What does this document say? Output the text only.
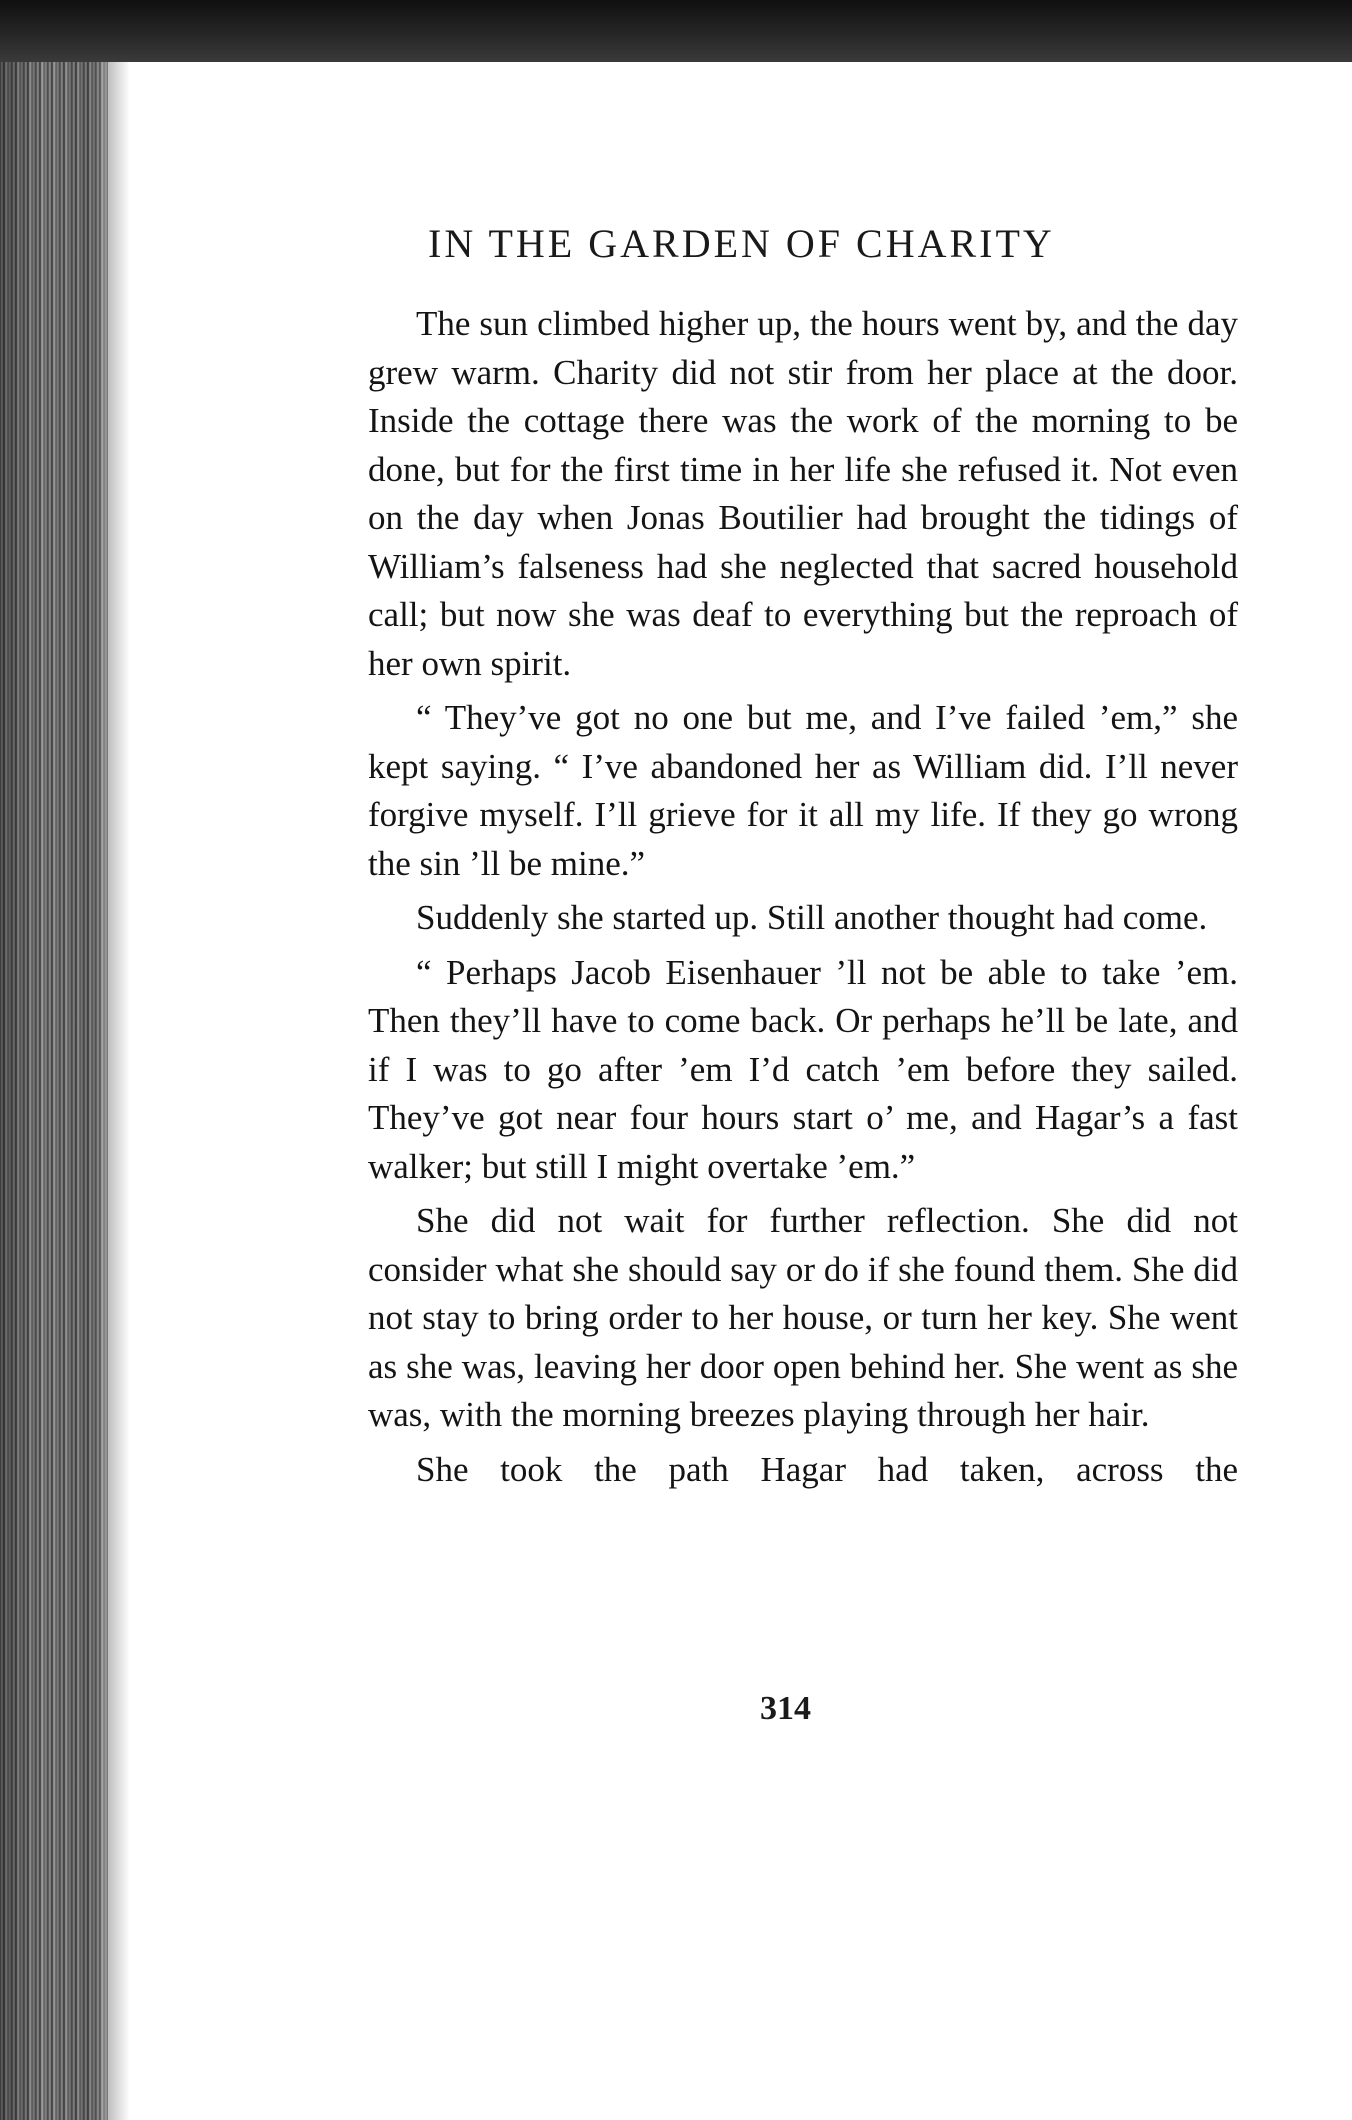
IN THE GARDEN OF CHARITY

The sun climbed higher up, the hours went by, and the day grew warm. Charity did not stir from her place at the door. Inside the cottage there was the work of the morning to be done, but for the first time in her life she refused it. Not even on the day when Jonas Boutilier had brought the tidings of William’s falseness had she neglected that sacred household call; but now she was deaf to everything but the reproach of her own spirit.

“ They’ve got no one but me, and I’ve failed ’em,” she kept saying. “ I’ve abandoned her as William did. I’ll never forgive myself. I’ll grieve for it all my life. If they go wrong the sin ’ll be mine.”

Suddenly she started up. Still another thought had come.

“ Perhaps Jacob Eisenhauer ’ll not be able to take ’em. Then they’ll have to come back. Or perhaps he’ll be late, and if I was to go after ’em I’d catch ’em before they sailed. They’ve got near four hours start o’ me, and Hagar’s a fast walker; but still I might overtake ’em.”

She did not wait for further reflection. She did not consider what she should say or do if she found them. She did not stay to bring order to her house, or turn her key. She went as she was, leaving her door open behind her. She went as she was, with the morning breezes playing through her hair.

She took the path Hagar had taken, across the

314
